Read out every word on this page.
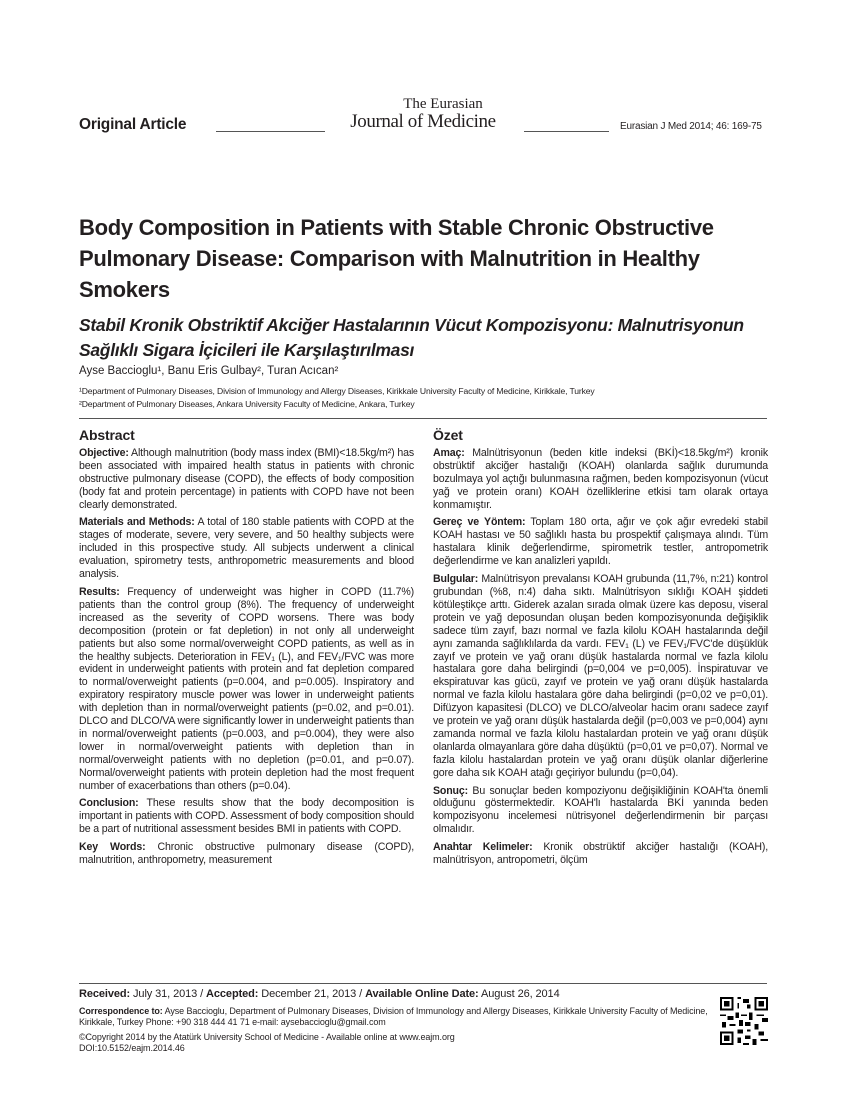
Original Article
The Eurasian
Journal of Medicine	Eurasian J Med 2014; 46: 169-75
Body Composition in Patients with Stable Chronic Obstructive Pulmonary Disease: Comparison with Malnutrition in Healthy Smokers
Stabil Kronik Obstriktif Akciğer Hastalarının Vücut Kompozisyonu: Malnutrisyonun Sağlıklı Sigara İçicileri ile Karşılaştırılması
Ayse Baccioglu¹, Banu Eris Gulbay², Turan Acıcan²
¹Department of Pulmonary Diseases, Division of Immunology and Allergy Diseases, Kirikkale University Faculty of Medicine, Kirikkale, Turkey
²Department of Pulmonary Diseases, Ankara University Faculty of Medicine, Ankara, Turkey
Abstract

Objective: Although malnutrition (body mass index (BMI)<18.5kg/m²) has been associated with impaired health status in patients with chronic obstructive pulmonary disease (COPD), the effects of body composition (body fat and protein percentage) in patients with COPD have not been clearly demonstrated.

Materials and Methods: A total of 180 stable patients with COPD at the stages of moderate, severe, very severe, and 50 healthy subjects were included in this prospective study. All subjects underwent a clinical evaluation, spirometry tests, anthropometric measurements and blood analysis.

Results: Frequency of underweight was higher in COPD (11.7%) patients than the control group (8%). The frequency of underweight increased as the severity of COPD worsens. There was body decomposition (protein or fat depletion) in not only all underweight patients but also some normal/overweight COPD patients, as well as in the healthy subjects. Deterioration in FEV₁ (L), and FEV₁/FVC was more evident in underweight patients with protein and fat depletion compared to normal/overweight patients (p=0.004, and p=0.005). Inspiratory and expiratory respiratory muscle power was lower in underweight patients with depletion than in normal/overweight patients (p=0.02, and p=0.01). DLCO and DLCO/VA were significantly lower in underweight patients than in normal/overweight patients (p=0.003, and p=0.004), they were also lower in normal/overweight patients with depletion than in normal/overweight patients with no depletion (p=0.01, and p=0.07). Normal/overweight patients with protein depletion had the most frequent number of exacerbations than others (p=0.04).

Conclusion: These results show that the body decomposition is important in patients with COPD. Assessment of body composition should be a part of nutritional assessment besides BMI in patients with COPD.

Key Words: Chronic obstructive pulmonary disease (COPD), malnutrition, anthropometry, measurement

Özet

Amaç: Malnütrisyonun (beden kitle indeksi (BKİ)<18.5kg/m²) kronik obstrüktif akciğer hastalığı (KOAH) olanlarda sağlık durumunda bozulmaya yol açtığı bulunmasına rağmen, beden kompozisyonun (vücut yağ ve protein oranı) KOAH özelliklerine etkisi tam olarak ortaya konmamıştır.

Gereç ve Yöntem: Toplam 180 orta, ağır ve çok ağır evredeki stabil KOAH hastası ve 50 sağlıklı hasta bu prospektif çalışmaya alındı. Tüm hastalara klinik değerlendirme, spirometrik testler, antropometrik değerlendirme ve kan analizleri yapıldı.

Bulgular: Malnütrisyon prevalansı KOAH grubunda (11,7%, n:21) kontrol grubundan (%8, n:4) daha sıktı. Malnütrisyon sıklığı KOAH şiddeti kötüleştikçe arttı. Giderek azalan sırada olmak üzere kas deposu, viseral protein ve yağ deposundan oluşan beden kompozisyonunda değişiklik sadece tüm zayıf, bazı normal ve fazla kilolu KOAH hastalarında değil aynı zamanda sağlıklılarda da vardı. FEV₁ (L) ve FEV₁/FVC'de düşüklük zayıf ve protein ve yağ oranı düşük hastalarda normal ve fazla kilolu hastalara gore daha belirgindi (p=0,004 ve p=0,005). İnspiratuvar ve ekspiratuvar kas gücü, zayıf ve protein ve yağ oranı düşük hastalarda normal ve fazla kilolu hastalara göre daha belirgindi (p=0,02 ve p=0,01). Difüzyon kapasitesi (DLCO) ve DLCO/alveolar hacim oranı sadece zayıf ve protein ve yağ oranı düşük hastalarda değil (p=0,003 ve p=0,004) aynı zamanda normal ve fazla kilolu hastalardan protein ve yağ oranı düşük olanlarda olmayanlara göre daha düşüktü (p=0,01 ve p=0,07). Normal ve fazla kilolu hastalardan protein ve yağ oranı düşük olanlar diğerlerine gore daha sık KOAH atağı geçiriyor bulundu (p=0,04).

Sonuç: Bu sonuçlar beden kompoziyonu değişikliğinin KOAH'ta önemli olduğunu göstermektedir. KOAH'lı hastalarda BKİ yanında beden kompozisyonu incelemesi nütrisyonel değerlendirmenin bir parçası olmalıdır.

Anahtar Kelimeler: Kronik obstrüktif akciğer hastalığı (KOAH), malnütrisyon, antropometri, ölçüm

Received: July 31, 2013 / Accepted: December 21, 2013 / Available Online Date: August 26, 2014

Correspondence to: Ayse Baccioglu, Department of Pulmonary Diseases, Division of Immunology and Allergy Diseases, Kirikkale University Faculty of Medicine, Kirikkale, Turkey Phone: +90 318 444 41 71 e-mail: aysebaccioglu@gmail.com

©Copyright 2014 by the Atatürk University School of Medicine - Available online at www.eajm.org

DOI:10.5152/eajm.2014.46
